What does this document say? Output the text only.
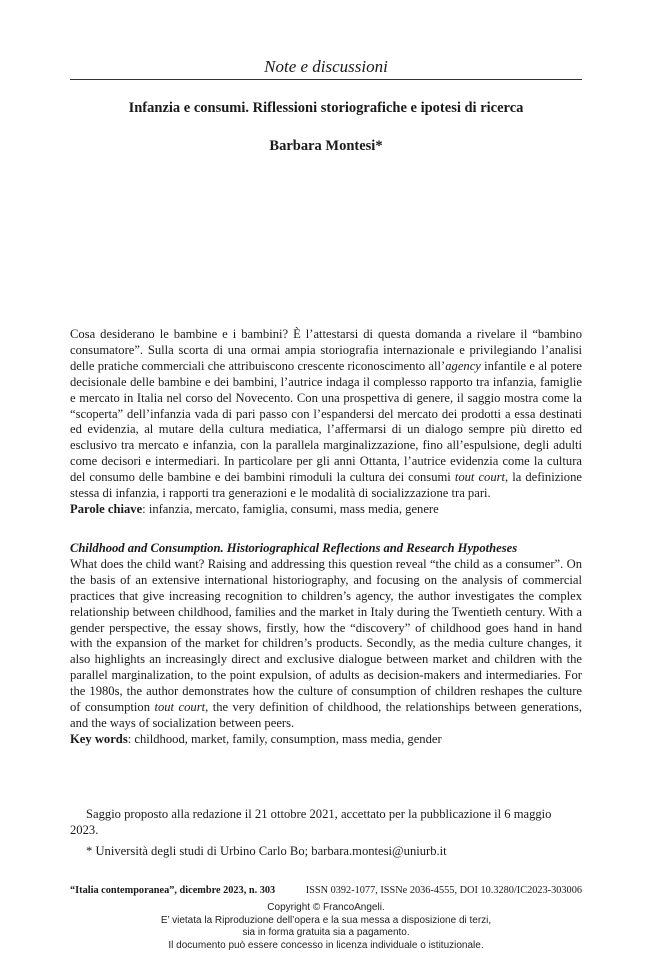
Note e discussioni
Infanzia e consumi. Riflessioni storiografiche e ipotesi di ricerca
Barbara Montesi*
Cosa desiderano le bambine e i bambini? È l’attestarsi di questa domanda a rivelare il “bambino consumatore”. Sulla scorta di una ormai ampia storiografia internazionale e privilegiando l’analisi delle pratiche commerciali che attribuiscono crescente riconoscimento all’agency infantile e al potere decisionale delle bambine e dei bambini, l’autrice indaga il complesso rapporto tra infanzia, famiglie e mercato in Italia nel corso del Novecento. Con una prospettiva di genere, il saggio mostra come la “scoperta” dell’infanzia vada di pari passo con l’espandersi del mercato dei prodotti a essa destinati ed evidenzia, al mutare della cultura mediatica, l’affermarsi di un dialogo sempre più diretto ed esclusivo tra mercato e infanzia, con la parallela marginalizzazione, fino all’espulsione, degli adulti come decisori e intermediari. In particolare per gli anni Ottanta, l’autrice evidenzia come la cultura del consumo delle bambine e dei bambini rimoduli la cultura dei consumi tout court, la definizione stessa di infanzia, i rapporti tra generazioni e le modalità di socializzazione tra pari.
Parole chiave: infanzia, mercato, famiglia, consumi, mass media, genere
Childhood and Consumption. Historiographical Reflections and Research Hypotheses
What does the child want? Raising and addressing this question reveal “the child as a consumer”. On the basis of an extensive international historiography, and focusing on the analysis of commercial practices that give increasing recognition to children’s agency, the author investigates the complex relationship between childhood, families and the market in Italy during the Twentieth century. With a gender perspective, the essay shows, firstly, how the “discovery” of childhood goes hand in hand with the expansion of the market for children’s products. Secondly, as the media culture changes, it also highlights an increasingly direct and exclusive dialogue between market and children with the parallel marginalization, to the point expulsion, of adults as decision-makers and intermediaries. For the 1980s, the author demonstrates how the culture of consumption of children reshapes the culture of consumption tout court, the very definition of childhood, the relationships between generations, and the ways of socialization between peers.
Key words: childhood, market, family, consumption, mass media, gender
Saggio proposto alla redazione il 21 ottobre 2021, accettato per la pubblicazione il 6 maggio 2023.
* Università degli studi di Urbino Carlo Bo; barbara.montesi@uniurb.it
“Italia contemporanea”, dicembre 2023, n. 303	ISSN 0392-1077, ISSNe 2036-4555, DOI 10.3280/IC2023-303006
Copyright © FrancoAngeli.
E’ vietata la Riproduzione dell’opera e la sua messa a disposizione di terzi,
sia in forma gratuita sia a pagamento.
Il documento può essere concesso in licenza individuale o istituzionale.
